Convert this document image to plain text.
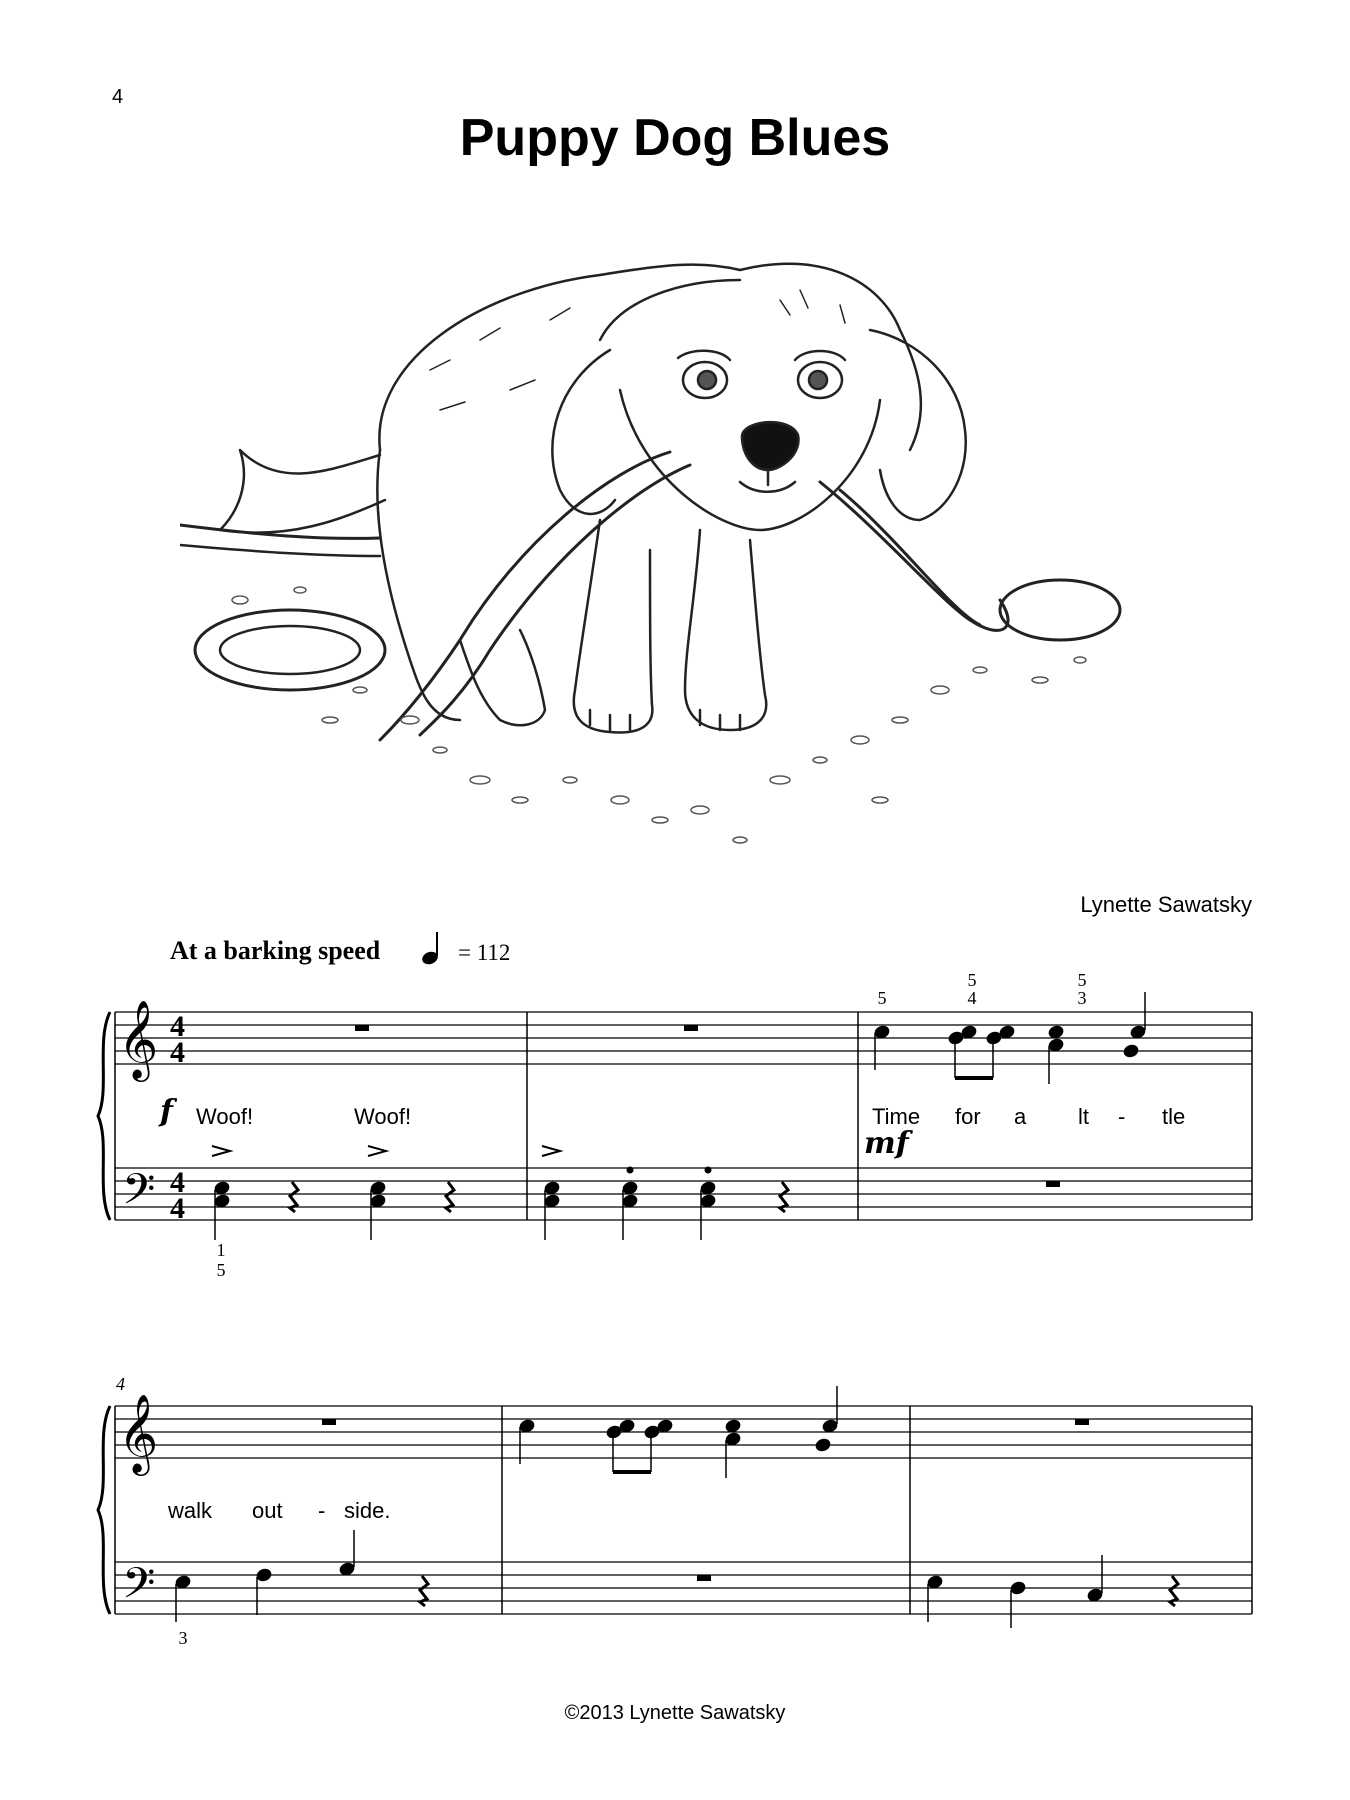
4
Puppy Dog Blues
Lynette Sawatsky
At a barking speed	= 112
𝄞
𝄢
𝄞
𝄢
4
4
4
4
f
mf
Woof!	Woof!	Time for a lt - tle
walk out - side.
5
5
4
5
3
1
5
4
3
©2013 Lynette Sawatsky
